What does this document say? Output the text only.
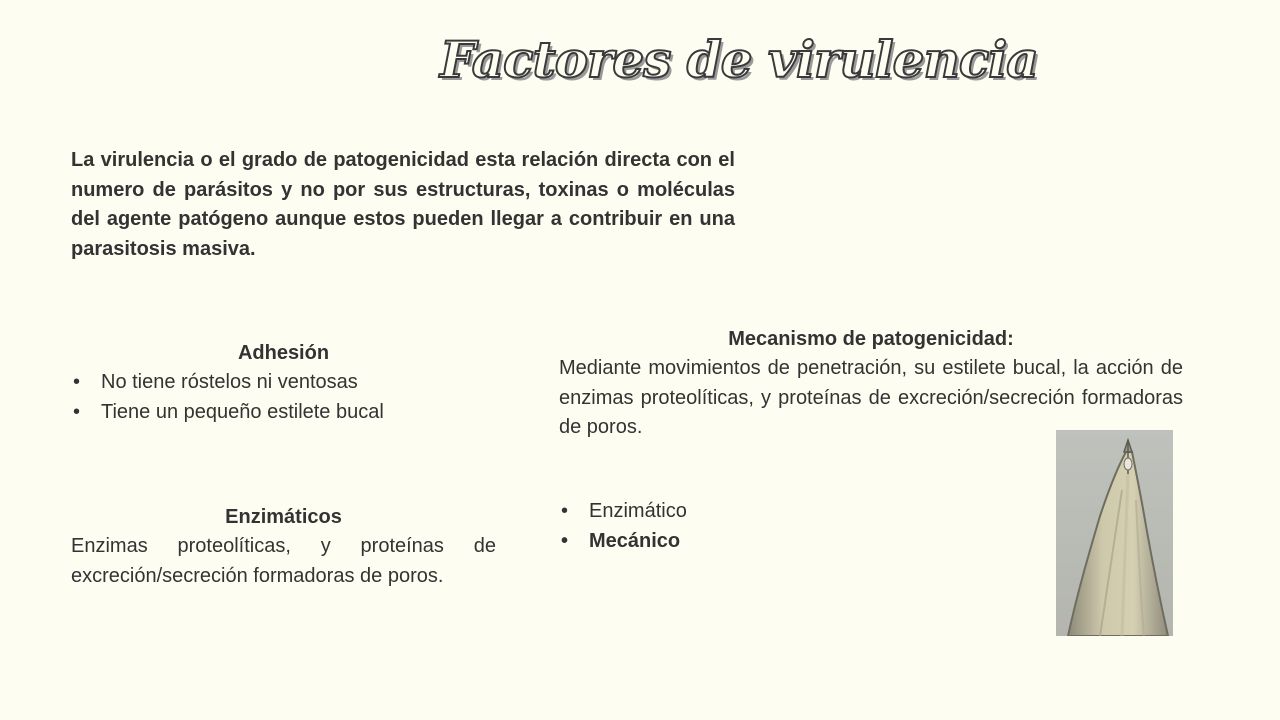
Factores de virulencia

La virulencia o el grado de patogenicidad esta relación directa con el numero de parásitos y no por sus estructuras, toxinas o moléculas del agente patógeno aunque estos pueden llegar a contribuir en una parasitosis masiva.

Adhesión
• No tiene róstelos ni ventosas
• Tiene un pequeño estilete bucal
Enzimáticos

Enzimas proteolíticas, y proteínas de excreción/secreción formadoras de poros.

Mecanismo de patogenicidad:

Mediante movimientos de penetración, su estilete bucal, la acción de enzimas proteolíticas, y proteínas de excreción/secreción formadoras de poros.

• Enzimático
• Mecánico
